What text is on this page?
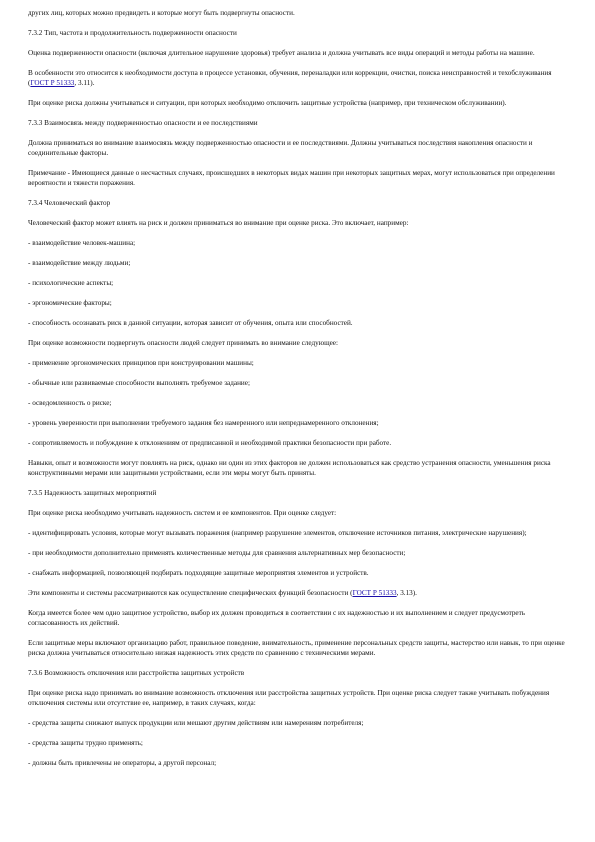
других лиц, которых можно предвидеть и которые могут быть подвергнуты опасности.

7.3.2 Тип, частота и продолжительность подверженности опасности

Оценка подверженности опасности (включая длительное нарушение здоровья) требует анализа и должна учитывать все виды операций и методы работы на машине.

В особенности это относится к необходимости доступа в процессе установки, обучения, переналадки или коррекции, очистки, поиска неисправностей и техобслуживания (ГОСТ Р 51333, 3.11).

При оценке риска должны учитываться и ситуации, при которых необходимо отключить защитные устройства (например, при техническом обслуживании).

7.3.3 Взаимосвязь между подверженностью опасности и ее последствиями

Должна приниматься во внимание взаимосвязь между подверженностью опасности и ее последствиями. Должны учитываться последствия накопления опасности и соединительные факторы.

Примечание - Имеющиеся данные о несчастных случаях, происшедших в некоторых видах машин при некоторых защитных мерах, могут использоваться при определении вероятности и тяжести поражения.

7.3.4 Человеческий фактор

Человеческий фактор может влиять на риск и должен приниматься во внимание при оценке риска. Это включает, например:

- взаимодействие человек-машина;

- взаимодействие между людьми;

- психологические аспекты;

- эргономические факторы;

- способность осознавать риск в данной ситуации, которая зависит от обучения, опыта или способностей.

При оценке возможности подвергнуть опасности людей следует принимать во внимание следующее:

- применение эргономических принципов при конструировании машины;

- обычные или развиваемые способности выполнять требуемое задание;

- осведомленность о риске;

- уровень уверенности при выполнении требуемого задания без намеренного или непреднамеренного отклонения;

- сопротивляемость и побуждение к отклонениям от предписанной и необходимой практики безопасности при работе.

Навыки, опыт и возможности могут повлиять на риск, однако ни один из этих факторов не должен использоваться как средство устранения опасности, уменьшения риска конструктивными мерами или защитными устройствами, если эти меры могут быть приняты.

7.3.5 Надежность защитных мероприятий

При оценке риска необходимо учитывать надежность систем и ее компонентов. При оценке следует:

- идентифицировать условия, которые могут вызывать поражения (например разрушение элементов, отключение источников питания, электрические нарушения);

- при необходимости дополнительно применять количественные методы для сравнения альтернативных мер безопасности;

- снабжать информацией, позволяющей подбирать подходящие защитные мероприятия элементов и устройств.

Эти компоненты и системы рассматриваются как осуществление специфических функций безопасности (ГОСТ Р 51333, 3.13).

Когда имеется более чем одно защитное устройство, выбор их должен проводиться в соответствии с их надежностью и их выполнением и следует предусмотреть согласованность их действий.

Если защитные меры включают организацию работ, правильное поведение, внимательность, применение персональных средств защиты, мастерство или навык, то при оценке риска должна учитываться относительно низкая надежность этих средств по сравнению с техническими мерами.

7.3.6 Возможность отключения или расстройства защитных устройств

При оценке риска надо принимать во внимание возможность отключения или расстройства защитных устройств. При оценке риска следует также учитывать побуждения отключения системы или отсутствие ее, например, в таких случаях, когда:

- средства защиты снижают выпуск продукции или мешают другим действиям или намерениям потребителя;

- средства защиты трудно применять;

- должны быть привлечены не операторы, а другой персонал;
